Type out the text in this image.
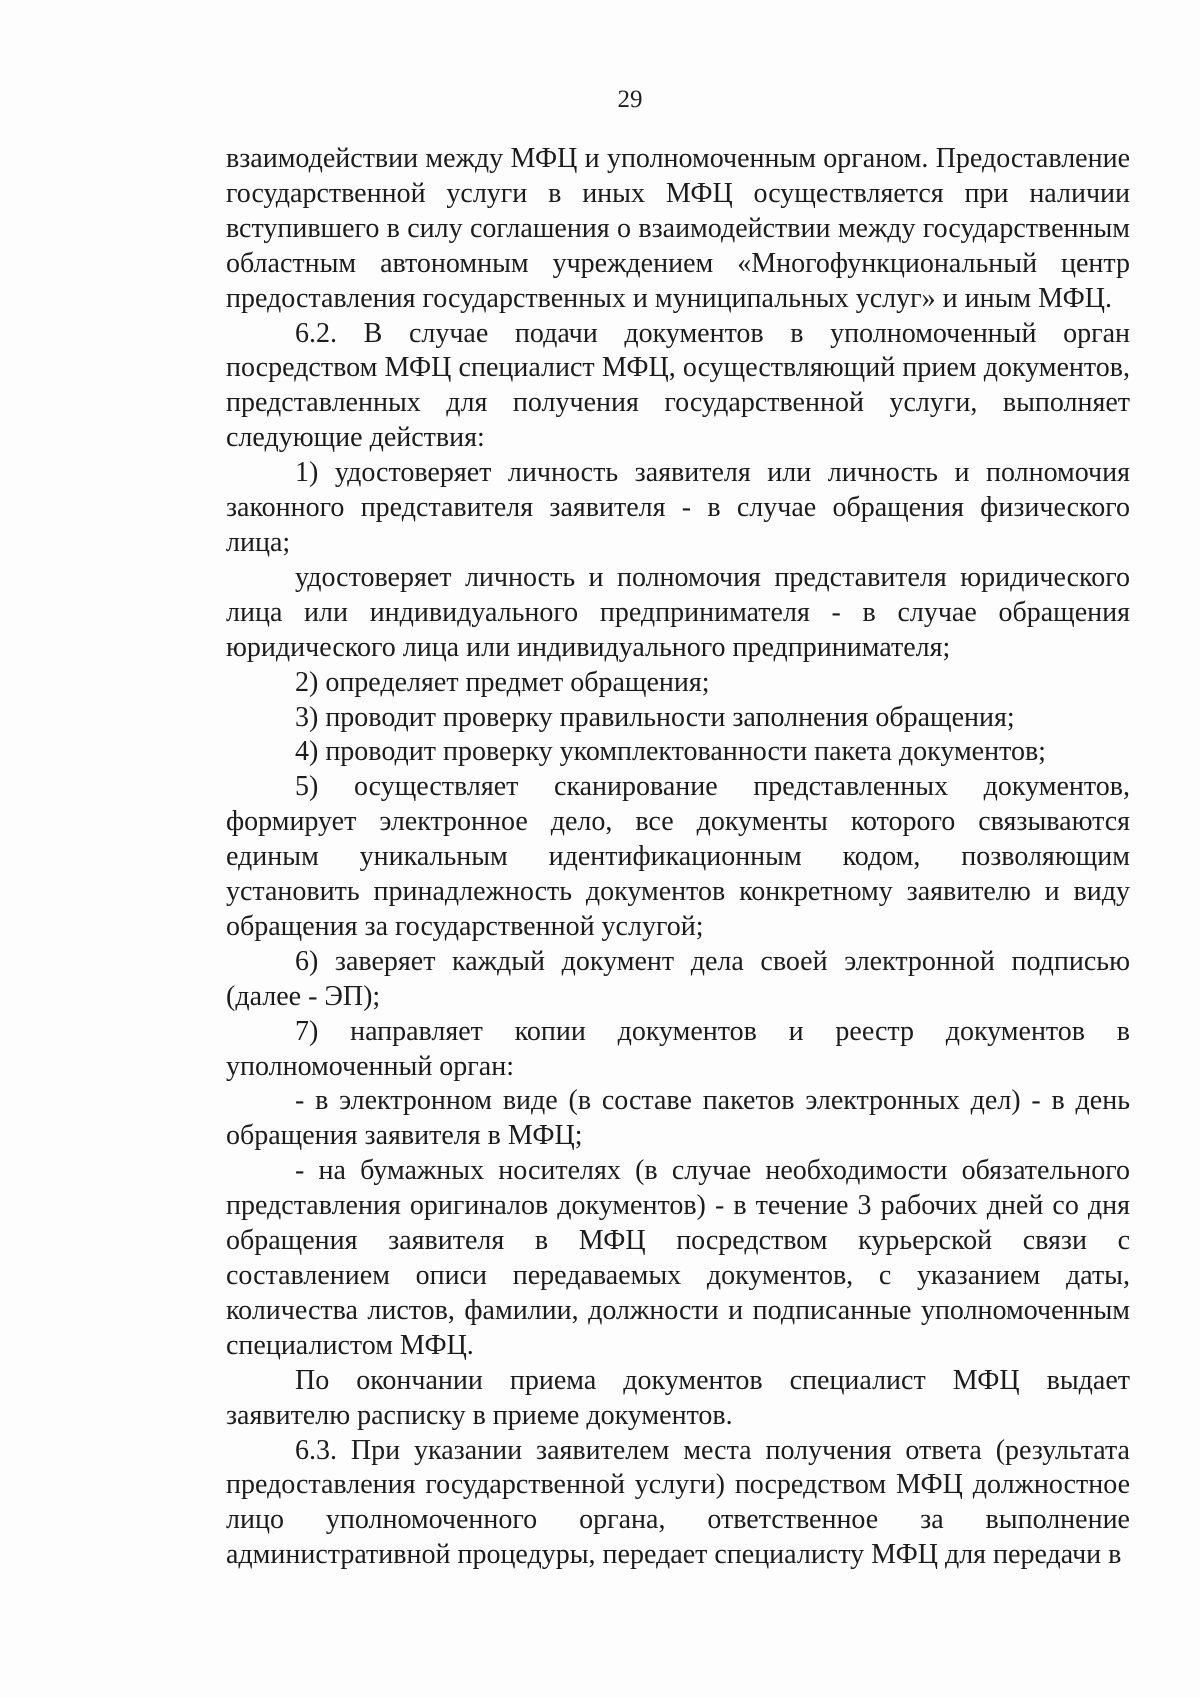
29

взаимодействии между МФЦ и уполномоченным органом. Предоставление государственной услуги в иных МФЦ осуществляется при наличии вступившего в силу соглашения о взаимодействии между государственным областным автономным учреждением «Многофункциональный центр предоставления государственных и муниципальных услуг» и иным МФЦ.

6.2. В случае подачи документов в уполномоченный орган посредством МФЦ специалист МФЦ, осуществляющий прием документов, представленных для получения государственной услуги, выполняет следующие действия:

1) удостоверяет личность заявителя или личность и полномочия законного представителя заявителя - в случае обращения физического лица;

удостоверяет личность и полномочия представителя юридического лица или индивидуального предпринимателя - в случае обращения юридического лица или индивидуального предпринимателя;

2) определяет предмет обращения;

3) проводит проверку правильности заполнения обращения;

4) проводит проверку укомплектованности пакета документов;

5) осуществляет сканирование представленных документов, формирует электронное дело, все документы которого связываются единым уникальным идентификационным кодом, позволяющим установить принадлежность документов конкретному заявителю и виду обращения за государственной услугой;

6) заверяет каждый документ дела своей электронной подписью (далее - ЭП);

7) направляет копии документов и реестр документов в уполномоченный орган:

- в электронном виде (в составе пакетов электронных дел) - в день обращения заявителя в МФЦ;

- на бумажных носителях (в случае необходимости обязательного представления оригиналов документов) - в течение 3 рабочих дней со дня обращения заявителя в МФЦ посредством курьерской связи с составлением описи передаваемых документов, с указанием даты, количества листов, фамилии, должности и подписанные уполномоченным специалистом МФЦ.

По окончании приема документов специалист МФЦ выдает заявителю расписку в приеме документов.

6.3. При указании заявителем места получения ответа (результата предоставления государственной услуги) посредством МФЦ должностное лицо уполномоченного органа, ответственное за выполнение административной процедуры, передает специалисту МФЦ для передачи в
